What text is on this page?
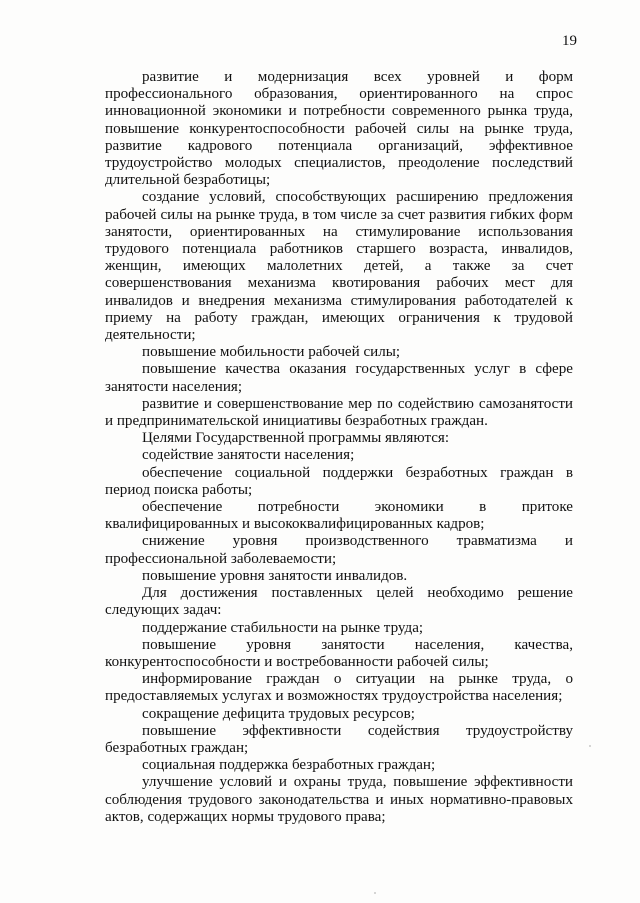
19

развитие и модернизация всех уровней и форм профессионального образования, ориентированного на спрос инновационной экономики и потребности современного рынка труда, повышение конкурентоспособности рабочей силы на рынке труда, развитие кадрового потенциала организаций, эффективное трудоустройство молодых специалистов, преодоление последствий длительной безработицы;

создание условий, способствующих расширению предложения рабочей силы на рынке труда, в том числе за счет развития гибких форм занятости, ориентированных на стимулирование использования трудового потенциала работников старшего возраста, инвалидов, женщин, имеющих малолетних детей, а также за счет совершенствования механизма квотирования рабочих мест для инвалидов и внедрения механизма стимулирования работодателей к приему на работу граждан, имеющих ограничения к трудовой деятельности;

повышение мобильности рабочей силы;

повышение качества оказания государственных услуг в сфере занятости населения;

развитие и совершенствование мер по содействию самозанятости и предпринимательской инициативы безработных граждан.

Целями Государственной программы являются:

содействие занятости населения;

обеспечение социальной поддержки безработных граждан в период поиска работы;

обеспечение потребности экономики в притоке квалифицированных и высококвалифицированных кадров;

снижение уровня производственного травматизма и профессиональной заболеваемости;

повышение уровня занятости инвалидов.

Для достижения поставленных целей необходимо решение следующих задач:

поддержание стабильности на рынке труда;

повышение уровня занятости населения, качества, конкурентоспособности и востребованности рабочей силы;

информирование граждан о ситуации на рынке труда, о предоставляемых услугах и возможностях трудоустройства населения;

сокращение дефицита трудовых ресурсов;

повышение эффективности содействия трудоустройству безработных граждан;

социальная поддержка безработных граждан;

улучшение условий и охраны труда, повышение эффективности соблюдения трудового законодательства и иных нормативно-правовых актов, содержащих нормы трудового права;
